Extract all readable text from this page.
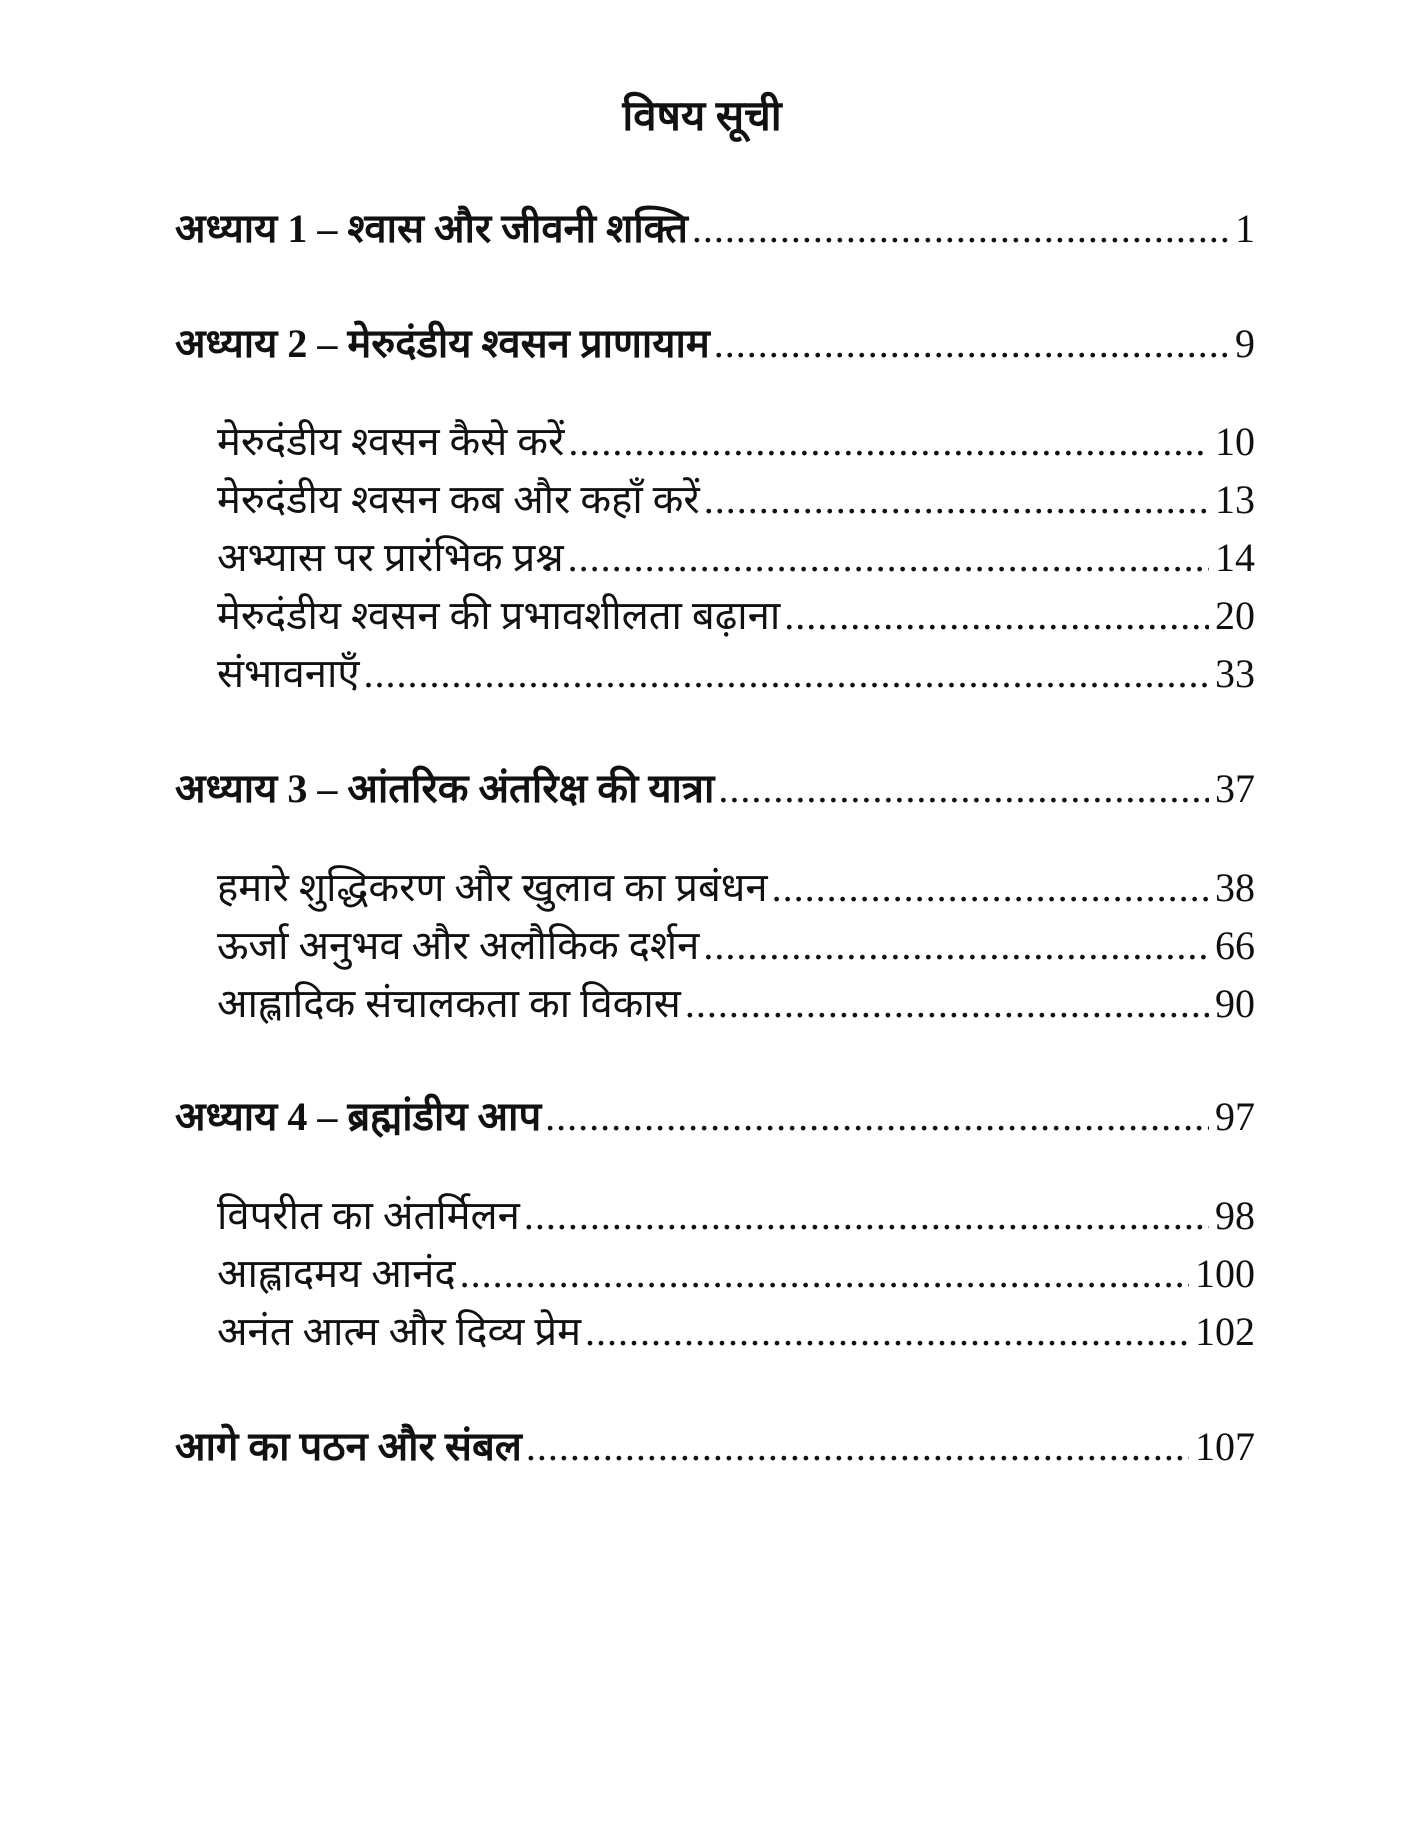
विषय सूची
अध्याय 1 – श्वास और जीवनी शक्ति .....	1
अध्याय 2 – मेरुदंडीय श्वसन प्राणायाम .....	9
मेरुदंडीय श्वसन कैसे करें .....	10
मेरुदंडीय श्वसन कब और कहाँ करें .....	13
अभ्यास पर प्रारंभिक प्रश्न .....	14
मेरुदंडीय श्वसन की प्रभावशीलता बढ़ाना .....	20
संभावनाएँ .....	33
अध्याय 3 – आंतरिक अंतरिक्ष की यात्रा .....	37
हमारे शुद्धिकरण और खुलाव का प्रबंधन .....	38
ऊर्जा अनुभव और अलौकिक दर्शन .....	66
आह्लादिक संचालकता का विकास .....	90
अध्याय 4 – ब्रह्मांडीय आप .....	97
विपरीत का अंतर्मिलन .....	98
आह्लादमय आनंद .....	100
अनंत आत्म और दिव्य प्रेम .....	102
आगे का पठन और संबल .....	107
